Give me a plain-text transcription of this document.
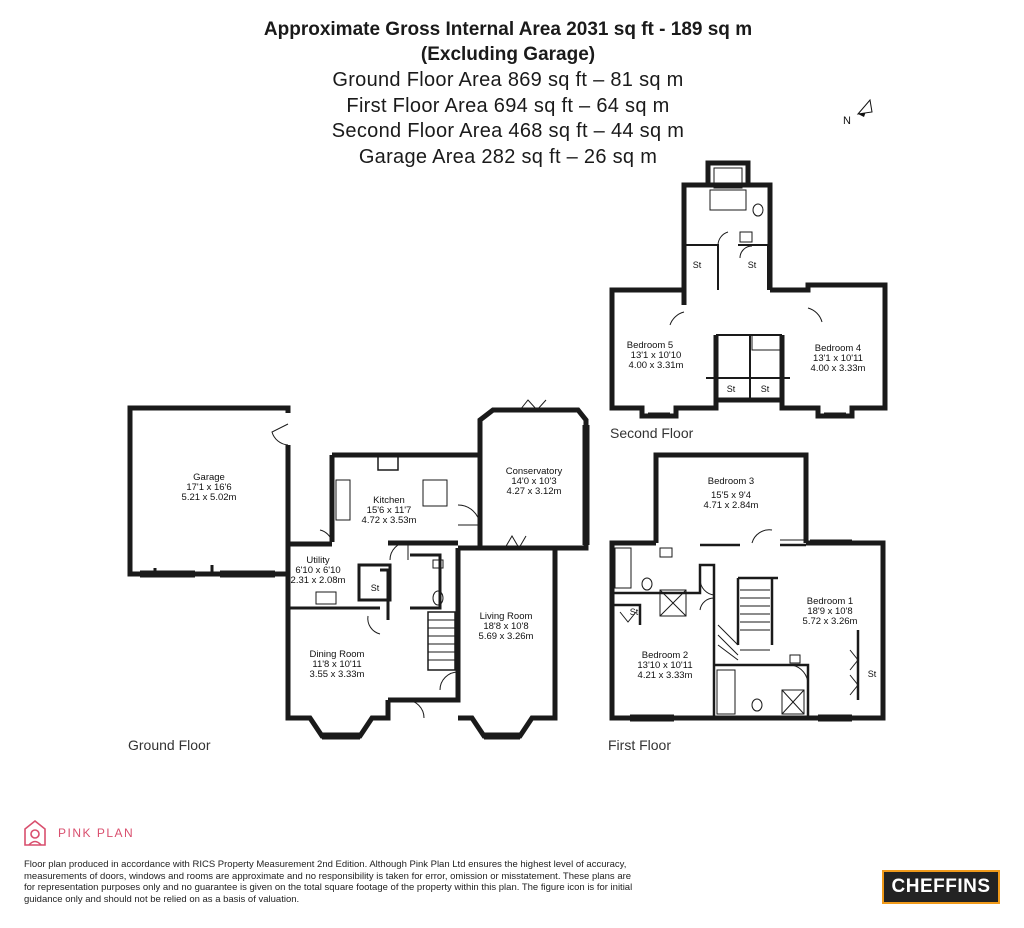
Approximate Gross Internal Area 2031 sq ft - 189 sq m
(Excluding Garage)
Ground Floor Area 869 sq ft – 81 sq m
First Floor Area 694 sq ft – 64 sq m
Second Floor Area 468 sq ft – 44 sq m
Garage Area 282 sq ft – 26 sq m
N
Garage 17'1 x 16'6 5.21 x 5.02m	Kitchen 15'6 x 11'7 4.72 x 3.53m
Conservatory 14'0 x 10'3 4.27 x 3.12m
Utility 6'10 x 6'10 2.31 x 2.08m
Dining Room 11'8 x 10'11 3.55 x 3.33m
Living Room 18'8 x 10'8 5.69 x 3.26m
St
Ground Floor
St	St
St	St
Bedroom 5 13'1 x 10'10 4.00 x 3.31m
Bedroom 4 13'1 x 10'11 4.00 x 3.33m
Second Floor
Bedroom 3 15'5 x 9'4 4.71 x 2.84m
Bedroom 1 18'9 x 10'8 5.72 x 3.26m
Bedroom 2 13'10 x 10'11 4.21 x 3.33m
St
St
First Floor
PINK PLAN
Floor plan produced in accordance with RICS Property Measurement 2nd Edition. Although Pink Plan Ltd ensures the highest level of accuracy, measurements of doors, windows and rooms are approximate and no responsibility is taken for error, omission or misstatement. These plans are for representation purposes only and no guarantee is given on the total square footage of the property within this plan. The figure icon is for initial guidance only and should not be relied on as a basis of valuation.
CHEFFINS
